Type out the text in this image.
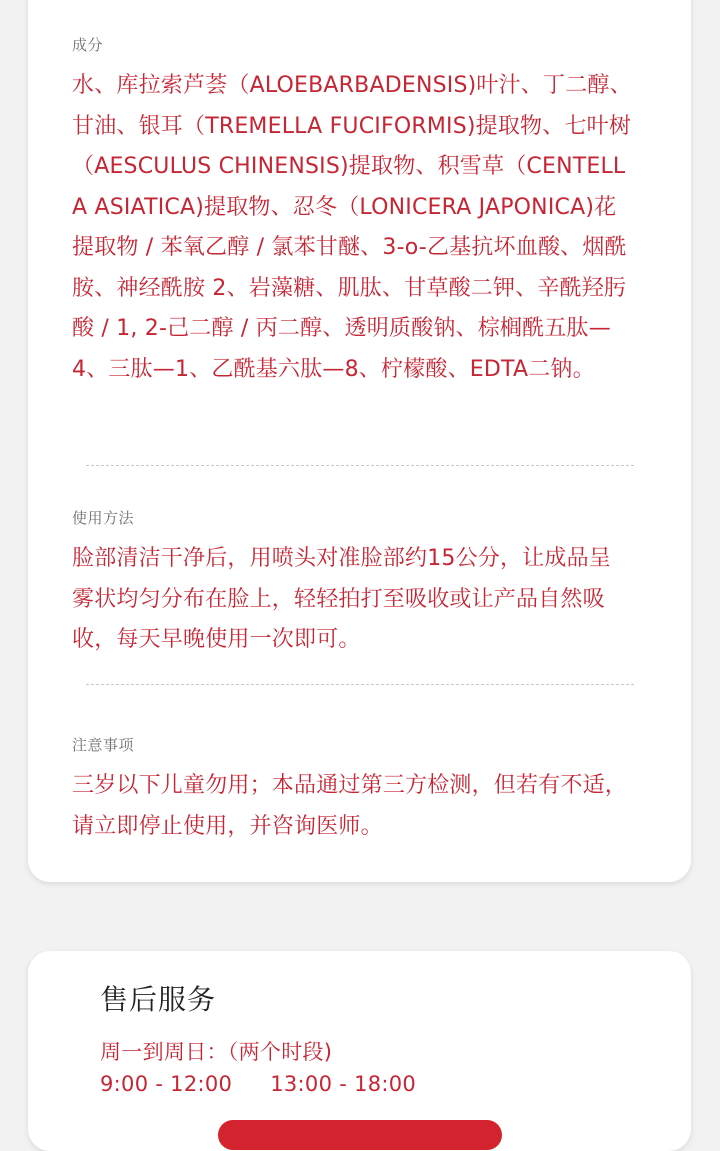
成分
水、库拉索芦荟（ALOEBARBADENSIS)叶汁、丁二醇、甘油、银耳（TREMELLA FUCIFORMIS)提取物、七叶树（AESCULUS CHINENSIS)提取物、积雪草（CENTELLA ASIATICA)提取物、忍冬（LONICERA JAPONICA)花提取物 / 苯氧乙醇 / 氯苯甘醚、3-o-乙基抗坏血酸、烟酰胺、神经酰胺 2、岩藻糖、肌肽、甘草酸二钾、辛酰羟肟酸 / 1, 2-己二醇 / 丙二醇、透明质酸钠、棕榈酰五肽—4、三肽—1、乙酰基六肽—8、柠檬酸、EDTA二钠。
使用方法
脸部清洁干净后，用喷头对准脸部约15公分，让成品呈雾状均匀分布在脸上，轻轻拍打至吸收或让产品自然吸收，每天早晚使用一次即可。
注意事项
三岁以下儿童勿用；本品通过第三方检测，但若有不适，请立即停止使用，并咨询医师。
售后服务
周一到周日：（两个时段)
9:00 - 12:00 13:00 - 18:00
